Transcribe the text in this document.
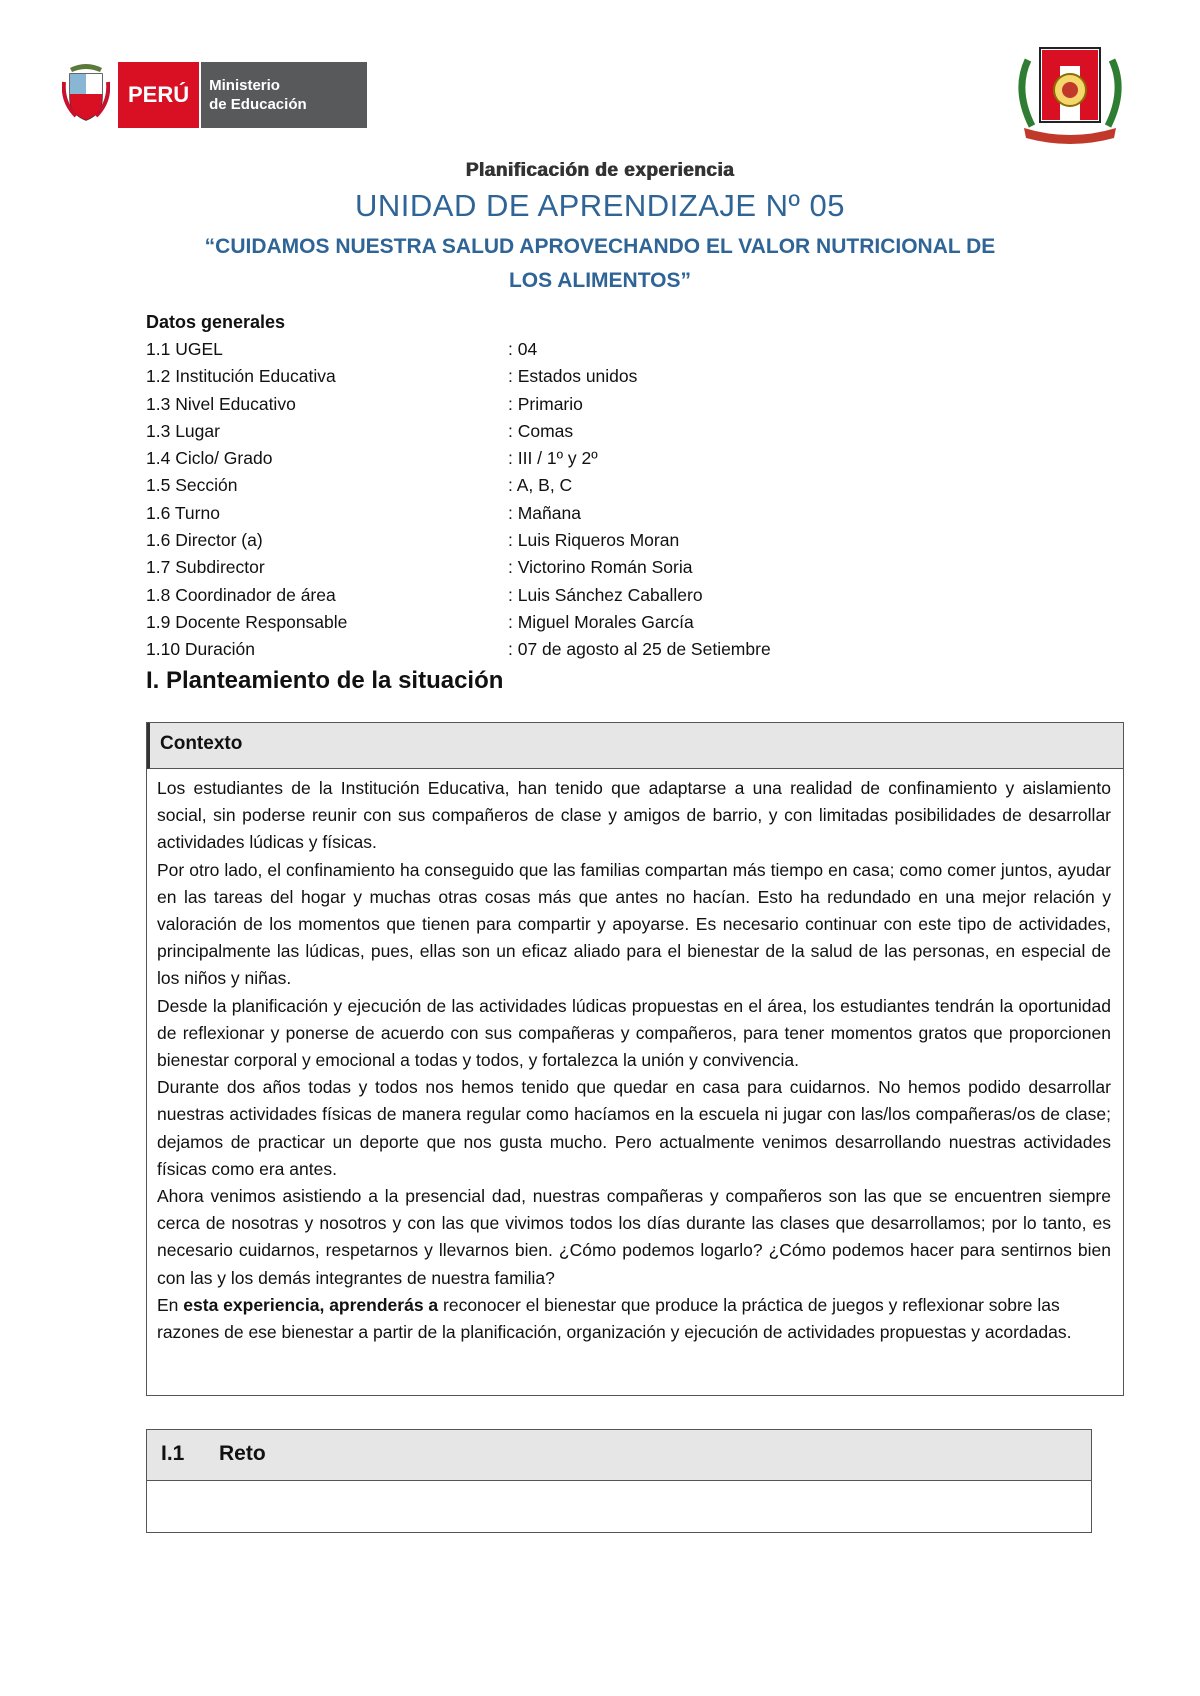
PERÚ	Ministerio
de Educación
Planificación de experiencia
UNIDAD DE APRENDIZAJE Nº 05
“CUIDAMOS NUESTRA SALUD APROVECHANDO EL VALOR NUTRICIONAL DE
LOS ALIMENTOS”
Datos generales
1.1 UGEL	: 04
1.2 Institución Educativa	: Estados unidos
1.3 Nivel Educativo	: Primario
1.3 Lugar	: Comas
1.4 Ciclo/ Grado	: III / 1º y 2º
1.5 Sección	: A, B, C
1.6 Turno	: Mañana
1.6 Director (a)	: Luis Riqueros Moran
1.7 Subdirector	: Victorino Román Soria
1.8 Coordinador de área	: Luis Sánchez Caballero
1.9 Docente Responsable	: Miguel Morales García
1.10 Duración	: 07 de agosto al 25 de Setiembre
I. Planteamiento de la situación
Contexto

Los estudiantes de la Institución Educativa, han tenido que adaptarse a una realidad de confinamiento y aislamiento social, sin poderse reunir con sus compañeros de clase y amigos de barrio, y con limitadas posibilidades de desarrollar actividades lúdicas y físicas.

Por otro lado, el confinamiento ha conseguido que las familias compartan más tiempo en casa; como comer juntos, ayudar en las tareas del hogar y muchas otras cosas más que antes no hacían. Esto ha redundado en una mejor relación y valoración de los momentos que tienen para compartir y apoyarse. Es necesario continuar con este tipo de actividades, principalmente las lúdicas, pues, ellas son un eficaz aliado para el bienestar de la salud de las personas, en especial de los niños y niñas.

Desde la planificación y ejecución de las actividades lúdicas propuestas en el área, los estudiantes tendrán la oportunidad de reflexionar y ponerse de acuerdo con sus compañeras y compañeros, para tener momentos gratos que proporcionen bienestar corporal y emocional a todas y todos, y fortalezca la unión y convivencia.

Durante dos años todas y todos nos hemos tenido que quedar en casa para cuidarnos. No hemos podido desarrollar nuestras actividades físicas de manera regular como hacíamos en la escuela ni jugar con las/los compañeras/os de clase; dejamos de practicar un deporte que nos gusta mucho. Pero actualmente venimos desarrollando nuestras actividades físicas como era antes.

Ahora venimos asistiendo a la presencial dad, nuestras compañeras y compañeros son las que se encuentren siempre cerca de nosotras y nosotros y con las que vivimos todos los días durante las clases que desarrollamos; por lo tanto, es necesario cuidarnos, respetarnos y llevarnos bien. ¿Cómo podemos logarlo? ¿Cómo podemos hacer para sentirnos bien con las y los demás integrantes de nuestra familia?

En esta experiencia, aprenderás a reconocer el bienestar que produce la práctica de juegos y reflexionar sobre las razones de ese bienestar a partir de la planificación, organización y ejecución de actividades propuestas y acordadas.

I.1	Reto
